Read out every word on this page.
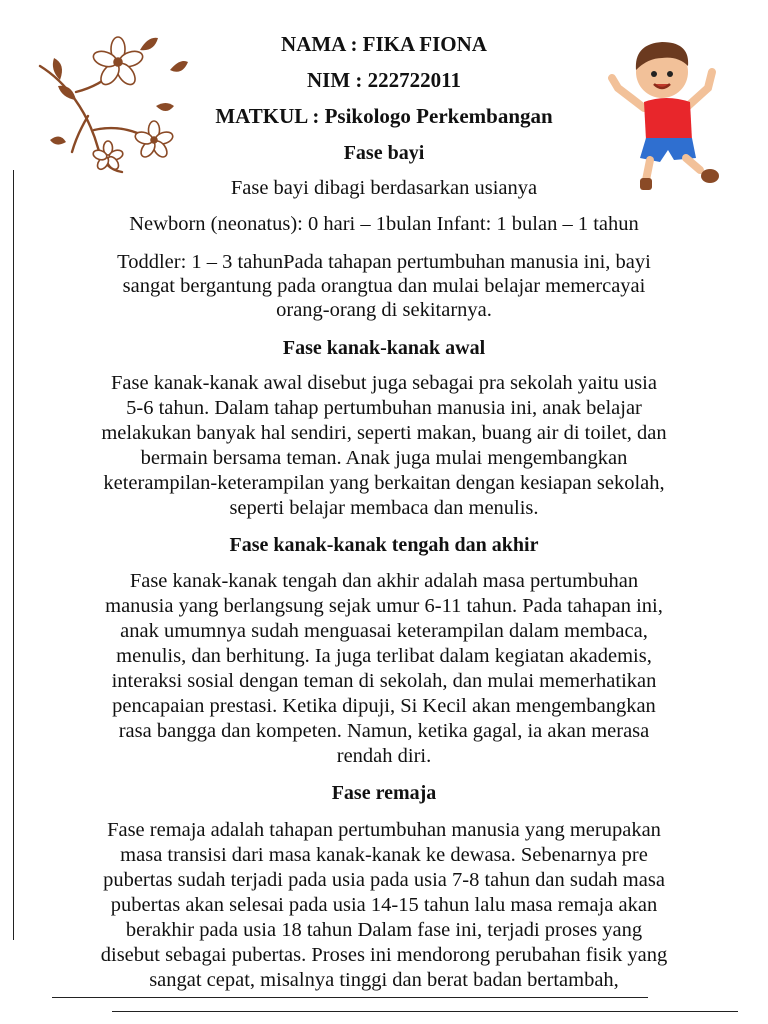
NAMA : FIKA FIONA
NIM : 222722011
MATKUL : Psikologo Perkembangan
Fase bayi
Fase bayi dibagi berdasarkan usianya
Newborn (neonatus): 0 hari – 1bulan Infant: 1 bulan – 1 tahun
Toddler: 1 – 3 tahunPada tahapan pertumbuhan manusia ini, bayi
sangat bergantung pada orangtua dan mulai belajar memercayai
orang-orang di sekitarnya.
Fase kanak-kanak awal
Fase kanak-kanak awal disebut juga sebagai pra sekolah yaitu usia
5-6 tahun. Dalam tahap pertumbuhan manusia ini, anak belajar
melakukan banyak hal sendiri, seperti makan, buang air di toilet, dan
bermain bersama teman. Anak juga mulai mengembangkan
keterampilan-keterampilan yang berkaitan dengan kesiapan sekolah,
seperti belajar membaca dan menulis.
Fase kanak-kanak tengah dan akhir
Fase kanak-kanak tengah dan akhir adalah masa pertumbuhan
manusia yang berlangsung sejak umur 6-11 tahun. Pada tahapan ini,
anak umumnya sudah menguasai keterampilan dalam membaca,
menulis, dan berhitung. Ia juga terlibat dalam kegiatan akademis,
interaksi sosial dengan teman di sekolah, dan mulai memerhatikan
pencapaian prestasi. Ketika dipuji, Si Kecil akan mengembangkan
rasa bangga dan kompeten. Namun, ketika gagal, ia akan merasa
rendah diri.
Fase remaja
Fase remaja adalah tahapan pertumbuhan manusia yang merupakan
masa transisi dari masa kanak-kanak ke dewasa. Sebenarnya pre
pubertas sudah terjadi pada usia pada usia 7-8 tahun dan sudah masa
pubertas akan selesai pada usia 14-15 tahun lalu masa remaja akan
berakhir pada usia 18 tahun Dalam fase ini, terjadi proses yang
disebut sebagai pubertas. Proses ini mendorong perubahan fisik yang
sangat cepat, misalnya tinggi dan berat badan bertambah,
